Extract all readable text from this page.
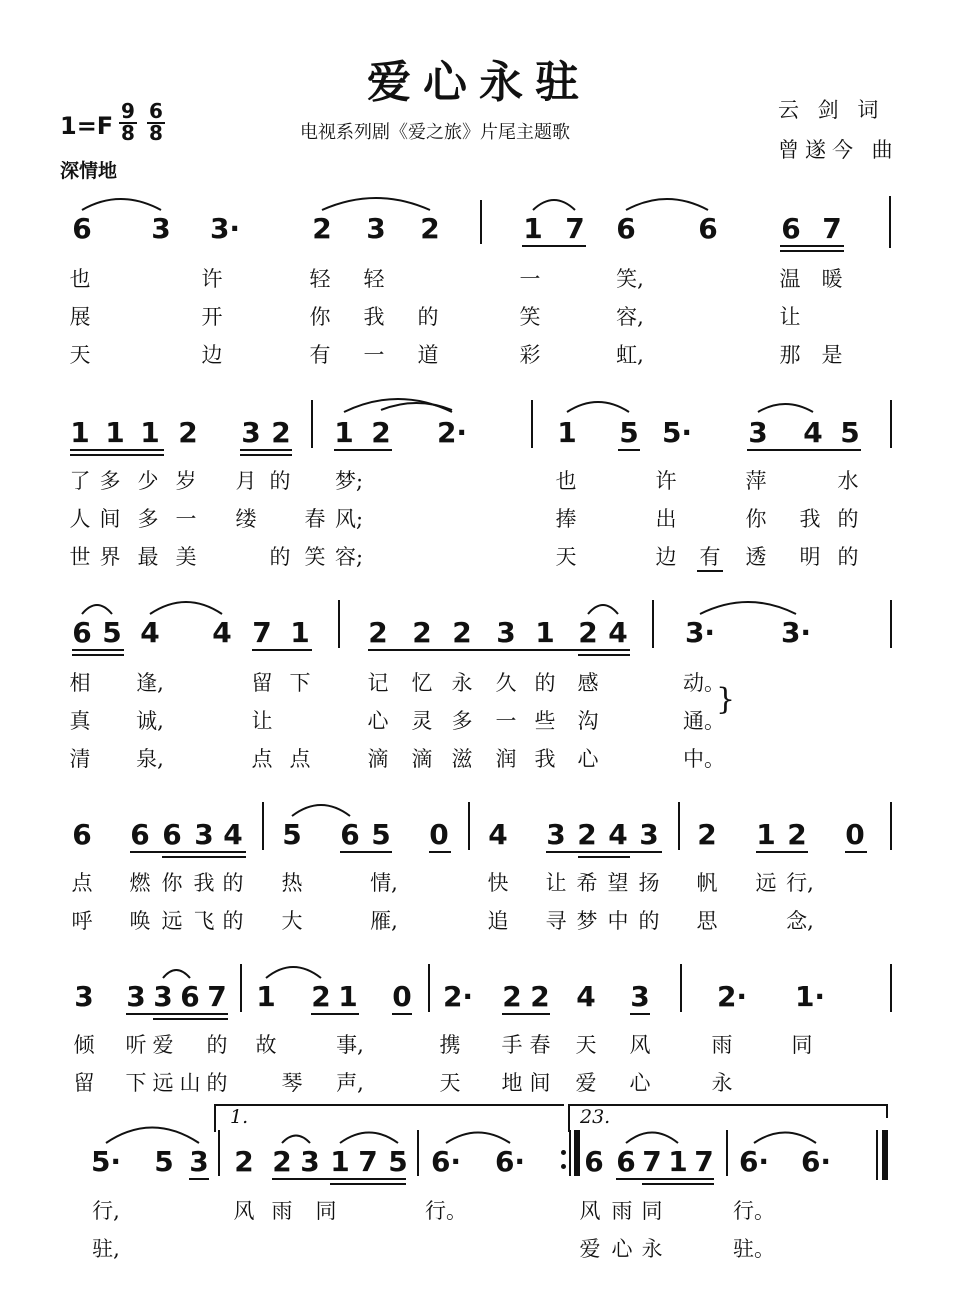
爱心永驻
电视系列剧《爱之旅》片尾主题歌
云 剑 词
曾遂今 曲
1=F
9

8
6

8
深情地
6 3 3·	2 3 2	1 7 6 6 6 7
也	许	轻 轻	一	笑,	温 暖
展	开	你 我 的	笑	容,	让
天	边	有 一 道	彩	虹,	那 是
1 1 1 2 3 2 1 2 2·	1 5 5· 3 4 5
了 多 少 岁 月 的 梦;	也	许	萍	水
人 间 多 一 缕 春 风;	捧	出	你 我 的
世 界 最 美	的 笑 容;	天	边 有 透 明 的
6 5 4 4 7 1 2 2 2 3 1 2 4 3· 3·
相 逢,	留 下	记 忆 永 久 的 感	动。
真 诚,	让	心 灵 多 一 些 沟	通。
}
清 泉,	点 点	滴 滴 滋 润 我 心	中。
6 6 6 3 4 5 6 5 0 4 3 2 4 3 2 1 2 0
点 燃 你 我 的 热	情,	快 让 希 望 扬 帆 远 行,
呼 唤 远 飞 的 大	雁,	追 寻 梦 中 的 思	念,
3 3 3 6 7 1 2 1 0 2· 2 2 4 3 2· 1·
倾 听 爱 的 故	事,	携 手 春 天 风	雨	同
留 下 远 山 的	琴 声,	天 地 间 爱 心	永
1.	23.
5· 5 3 2 2 3 1 7 5 6· 6· 6 6 7 1 7 6· 6·
行,	风 雨 同	行。	风 雨 同	行。
驻,	爱 心 永	驻。
